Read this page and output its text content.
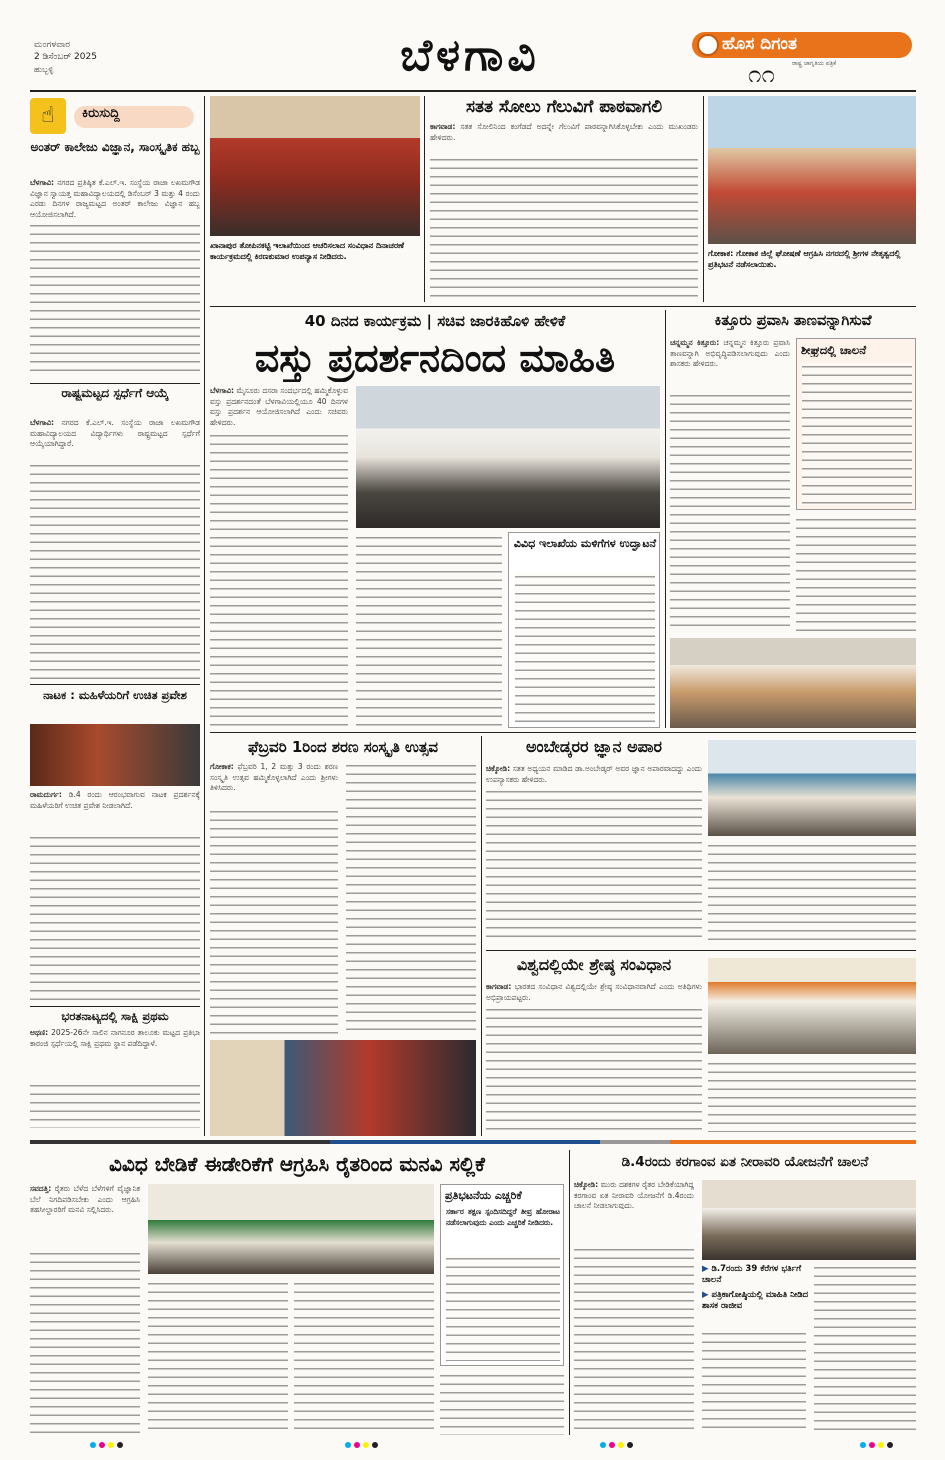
ಮಂಗಳವಾರ
2 ಡಿಸೆಂಬರ್ 2025
ಹುಬ್ಬಳ್ಳಿ	ಬೆಳಗಾವಿ	ಹೊಸ ದಿಗಂತ
ರಾಷ್ಟ್ರ ಜಾಗೃತಿಯ ಪತ್ರಿಕೆ
೧೧
☝	ಕಿರುಸುದ್ದಿ
ಅಂತರ್ ಕಾಲೇಜು ವಿಜ್ಞಾನ, ಸಾಂಸ್ಕೃತಿಕ ಹಬ್ಬ
ಬೆಳಗಾವಿ: ನಗರದ ಪ್ರತಿಷ್ಠಿತ ಕೆ.ಎಲ್.ಇ. ಸಂಸ್ಥೆಯ ರಾಜಾ ಲಖಮಗೌಡ ವಿಜ್ಞಾನ ಸ್ವಾಯತ್ತ ಮಹಾವಿದ್ಯಾಲಯದಲ್ಲಿ ಡಿಸೆಂಬರ್ 3 ಮತ್ತು 4 ರಂದು ಎರಡು ದಿನಗಳ ರಾಜ್ಯಮಟ್ಟದ ಅಂತರ್ ಕಾಲೇಜು ವಿಜ್ಞಾನ ಹಬ್ಬ ಆಯೋಜಿಸಲಾಗಿದೆ.
ರಾಷ್ಟ್ರಮಟ್ಟದ ಸ್ಪರ್ಧೆಗೆ ಆಯ್ಕೆ
ಬೆಳಗಾವಿ: ನಗರದ ಕೆ.ಎಲ್.ಇ. ಸಂಸ್ಥೆಯ ರಾಜಾ ಲಖಮಗೌಡ ಮಹಾವಿದ್ಯಾಲಯದ ವಿದ್ಯಾರ್ಥಿಗಳು ರಾಷ್ಟ್ರಮಟ್ಟದ ಸ್ಪರ್ಧೆಗೆ ಆಯ್ಕೆಯಾಗಿದ್ದಾರೆ.
ನಾಟಕ : ಮಹಿಳೆಯರಿಗೆ ಉಚಿತ ಪ್ರವೇಶ
ರಾಮದುರ್ಗ: ಡಿ.4 ರಂದು ಆರಂಭವಾಗುವ ನಾಟಕ ಪ್ರದರ್ಶನಕ್ಕೆ ಮಹಿಳೆಯರಿಗೆ ಉಚಿತ ಪ್ರವೇಶ ನೀಡಲಾಗಿದೆ.
ಭರತನಾಟ್ಯದಲ್ಲಿ ಸಾಕ್ಷಿ ಪ್ರಥಮ
ಅಥಣಿ: 2025-26ನೇ ಸಾಲಿನ ನಾಗನೂರ ತಾಲೂಕು ಮಟ್ಟದ ಪ್ರತಿಭಾ ಕಾರಂಜಿ ಸ್ಪರ್ಧೆಯಲ್ಲಿ ಸಾಕ್ಷಿ ಪ್ರಥಮ ಸ್ಥಾನ ಪಡೆದಿದ್ದಾಳೆ.
ಖಾನಾಪುರ ತೋಪಿನಕಟ್ಟಿ ಇಲಾಖೆಯಿಂದ ಆಚರಿಸಲಾದ ಸಂವಿಧಾನ ದಿನಾಚರಣೆ ಕಾರ್ಯಕ್ರಮದಲ್ಲಿ ಕಿರಣಕುಮಾರ ಉಪನ್ಯಾಸ ನೀಡಿದರು.
ಸತತ ಸೋಲು ಗೆಲುವಿಗೆ ಪಾಠವಾಗಲಿ
ಕಾಗವಾಡ: ಸತತ ಸೋಲಿನಿಂದ ಕಂಗೆಡದೆ ಅದನ್ನೇ ಗೆಲುವಿಗೆ ಪಾಠವನ್ನಾಗಿಸಿಕೊಳ್ಳಬೇಕು ಎಂದು ಮುಖಂಡರು ಹೇಳಿದರು.
ಗೋಕಾಕ: ಗೋಕಾಕ ಜಿಲ್ಲೆ ಘೋಷಣೆ ಆಗ್ರಹಿಸಿ ನಗರದಲ್ಲಿ ಶ್ರೀಗಳ ನೇತೃತ್ವದಲ್ಲಿ ಪ್ರತಿಭಟನೆ ನಡೆಸಲಾಯಿತು.
40 ದಿನದ ಕಾರ್ಯಕ್ರಮ | ಸಚಿವ ಜಾರಕಿಹೊಳಿ ಹೇಳಿಕೆ
ವಸ್ತು ಪ್ರದರ್ಶನದಿಂದ ಮಾಹಿತಿ
ಬೆಳಗಾವಿ: ಮೈಸೂರು ದಸರಾ ಸಂದರ್ಭದಲ್ಲಿ ಹಮ್ಮಿಕೊಳ್ಳುವ ವಸ್ತು ಪ್ರದರ್ಶನದಂತೆ ಬೆಳಗಾವಿಯಲ್ಲಿಯೂ 40 ದಿನಗಳ ವಸ್ತು ಪ್ರದರ್ಶನ ಆಯೋಜಿಸಲಾಗಿದೆ ಎಂದು ಸಚಿವರು ಹೇಳಿದರು.
ವಿವಿಧ ಇಲಾಖೆಯ ಮಳಿಗೆಗಳ ಉದ್ಘಾಟನೆ
ಕಿತ್ತೂರು ಪ್ರವಾಸಿ ತಾಣವನ್ನಾಗಿಸುವೆ
ಚನ್ನಮ್ಮನ ಕಿತ್ತೂರು: ಚನ್ನಮ್ಮನ ಕಿತ್ತೂರು ಪ್ರವಾಸಿ ತಾಣವನ್ನಾಗಿ ಅಭಿವೃದ್ಧಿಪಡಿಸಲಾಗುವುದು ಎಂದು ಶಾಸಕರು ಹೇಳಿದರು.
ಶೀಘ್ರದಲ್ಲಿ ಚಾಲನೆ
ಫೆಬ್ರವರಿ 1ರಿಂದ ಶರಣ ಸಂಸ್ಕೃತಿ ಉತ್ಸವ
ಗೋಕಾಕ: ಫೆಬ್ರವರಿ 1, 2 ಮತ್ತು 3 ರಂದು ಶರಣ ಸಂಸ್ಕೃತಿ ಉತ್ಸವ ಹಮ್ಮಿಕೊಳ್ಳಲಾಗಿದೆ ಎಂದು ಶ್ರೀಗಳು ತಿಳಿಸಿದರು.
ಅಂಬೇಡ್ಕರರ ಜ್ಞಾನ ಅಪಾರ
ಚಿಕ್ಕೋಡಿ: ಸತತ ಅಧ್ಯಯನ ಮಾಡಿದ ಡಾ.ಅಂಬೇಡ್ಕರ್ ಅವರ ಜ್ಞಾನ ಅಪಾರವಾದದ್ದು ಎಂದು ಉಪನ್ಯಾಸಕರು ಹೇಳಿದರು.
ವಿಶ್ವದಲ್ಲಿಯೇ ಶ್ರೇಷ್ಠ ಸಂವಿಧಾನ
ಕಾಗವಾಡ: ಭಾರತದ ಸಂವಿಧಾನ ವಿಶ್ವದಲ್ಲಿಯೇ ಶ್ರೇಷ್ಠ ಸಂವಿಧಾನವಾಗಿದೆ ಎಂದು ಅತಿಥಿಗಳು ಅಭಿಪ್ರಾಯಪಟ್ಟರು.
ವಿವಿಧ ಬೇಡಿಕೆ ಈಡೇರಿಕೆಗೆ ಆಗ್ರಹಿಸಿ ರೈತರಿಂದ ಮನವಿ ಸಲ್ಲಿಕೆ
ಸವದತ್ತಿ: ರೈತರು ಬೆಳೆದ ಬೆಳೆಗಳಿಗೆ ವೈಜ್ಞಾನಿಕ ಬೆಲೆ ನಿಗದಿಪಡಿಸಬೇಕು ಎಂದು ಆಗ್ರಹಿಸಿ ತಹಸೀಲ್ದಾರರಿಗೆ ಮನವಿ ಸಲ್ಲಿಸಿದರು.
ಪ್ರತಿಭಟನೆಯ ಎಚ್ಚರಿಕೆ
ಸರ್ಕಾರ ತಕ್ಷಣ ಸ್ಪಂದಿಸದಿದ್ದರೆ ತೀವ್ರ ಹೋರಾಟ ನಡೆಸಲಾಗುವುದು ಎಂದು ಎಚ್ಚರಿಕೆ ನೀಡಿದರು.
ಡಿ.4ರಂದು ಕರಗಾಂವ ಏತ ನೀರಾವರಿ ಯೋಜನೆಗೆ ಚಾಲನೆ
ಚಿಕ್ಕೋಡಿ: ಮುರು ದಶಕಗಳ ರೈತರ ಬೇಡಿಕೆಯಾಗಿದ್ದ ಕರಗಾಂವ ಏತ ನೀರಾವರಿ ಯೋಜನೆಗೆ ಡಿ.4ರಂದು ಚಾಲನೆ ನೀಡಲಾಗುವುದು.
▶ ಡಿ.7ರಂದು 39 ಕೆರೆಗಳ ಭರ್ತಿಗೆ ಚಾಲನೆ
▶ ಪತ್ರಿಕಾಗೋಷ್ಠಿಯಲ್ಲಿ ಮಾಹಿತಿ ನೀಡಿದ ಶಾಸಕ ರಾಜೀವ
